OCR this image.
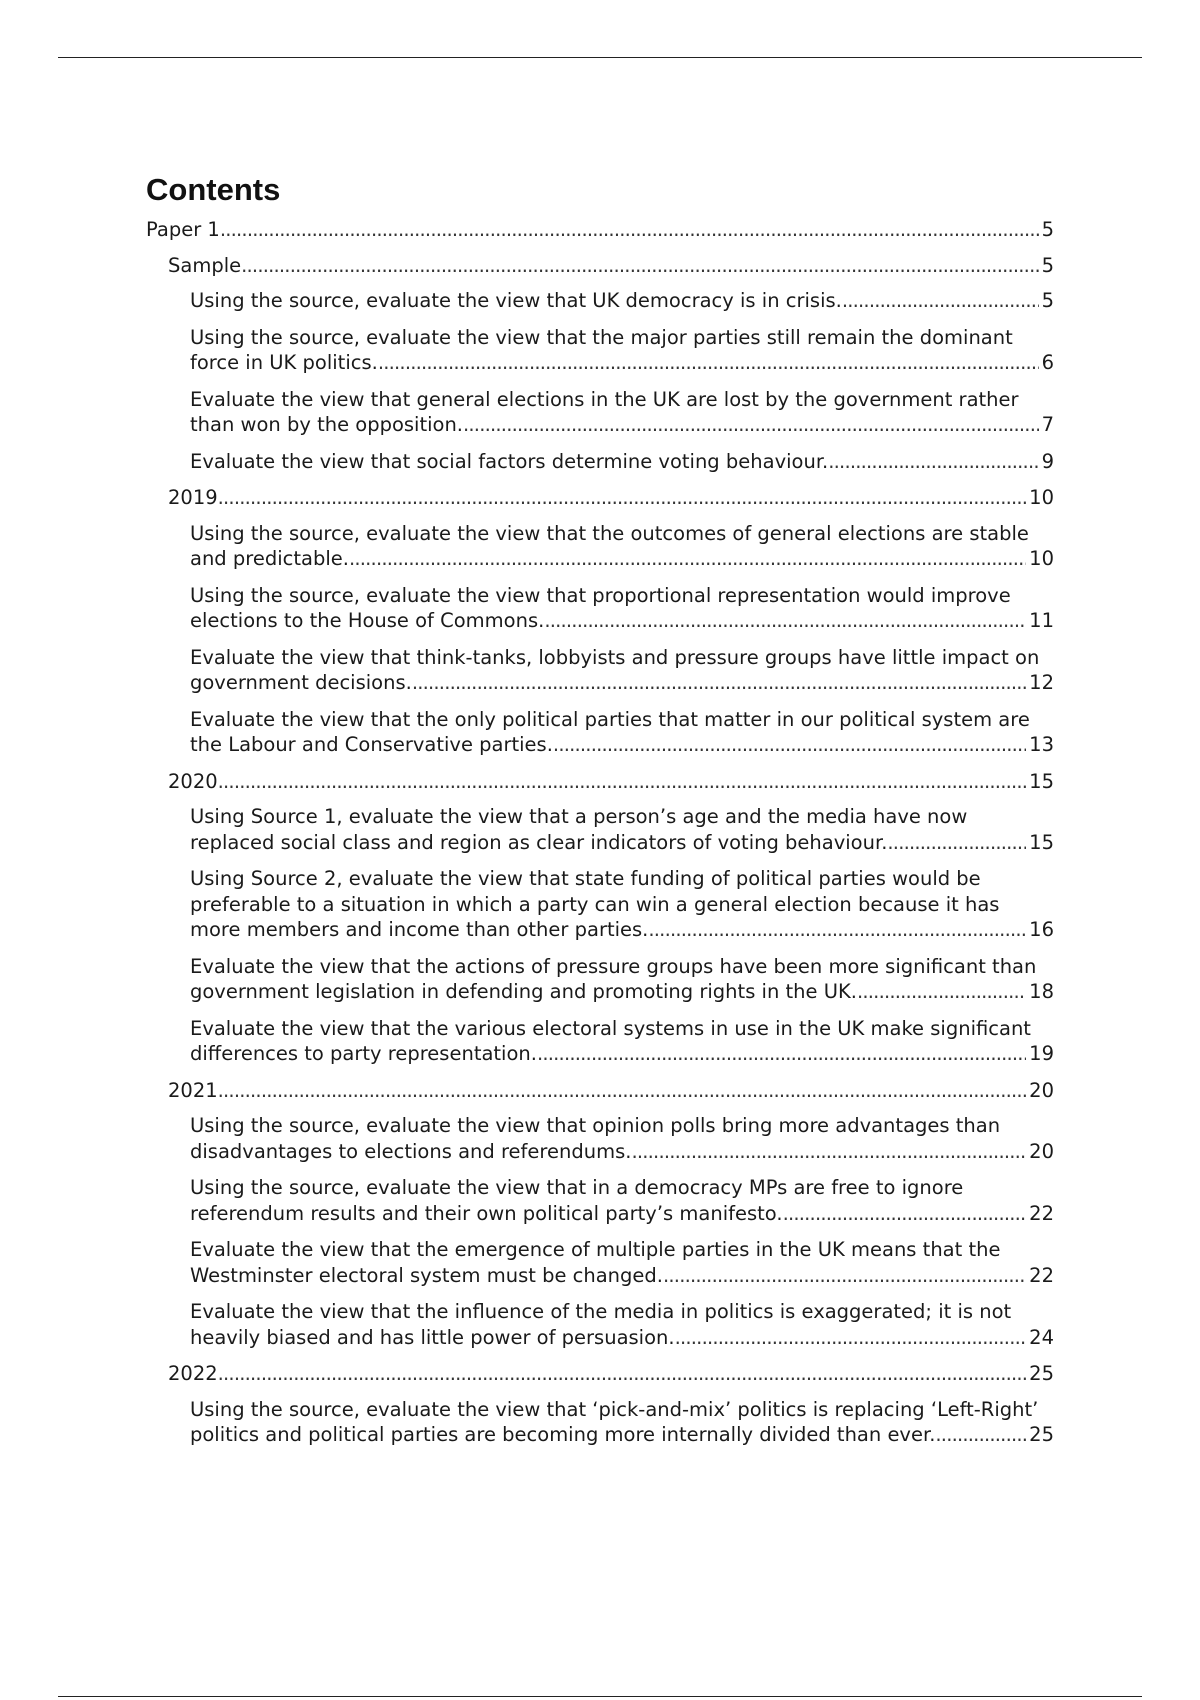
Contents
Paper 1 . . .	5
Sample . . .	5
Using the source, evaluate the view that UK democracy is in crisis. . . .	5
Using the source, evaluate the view that the major parties still remain the dominant force in UK politics. . . .	6
Evaluate the view that general elections in the UK are lost by the government rather than won by the opposition. . . .	7
Evaluate the view that social factors determine voting behaviour. . . .	9
2019 . . .	10
Using the source, evaluate the view that the outcomes of general elections are stable and predictable. . . .	10
Using the source, evaluate the view that proportional representation would improve elections to the House of Commons. . . .	11
Evaluate the view that think-tanks, lobbyists and pressure groups have little impact on government decisions. . . .	12
Evaluate the view that the only political parties that matter in our political system are the Labour and Conservative parties. . . .	13
2020 . . .	15
Using Source 1, evaluate the view that a person’s age and the media have now replaced social class and region as clear indicators of voting behaviour. . . .	15
Using Source 2, evaluate the view that state funding of political parties would be preferable to a situation in which a party can win a general election because it has more members and income than other parties. . . .	16
Evaluate the view that the actions of pressure groups have been more significant than government legislation in defending and promoting rights in the UK. . . .	18
Evaluate the view that the various electoral systems in use in the UK make significant differences to party representation. . . .	19
2021 . . .	20
Using the source, evaluate the view that opinion polls bring more advantages than disadvantages to elections and referendums. . . .	20
Using the source, evaluate the view that in a democracy MPs are free to ignore referendum results and their own political party’s manifesto. . . .	22
Evaluate the view that the emergence of multiple parties in the UK means that the Westminster electoral system must be changed. . . .	22
Evaluate the view that the influence of the media in politics is exaggerated; it is not heavily biased and has little power of persuasion. . . .	24
2022 . . .	25
Using the source, evaluate the view that ‘pick-and-mix’ politics is replacing ‘Left-Right’ politics and political parties are becoming more internally divided than ever. . . .	25
